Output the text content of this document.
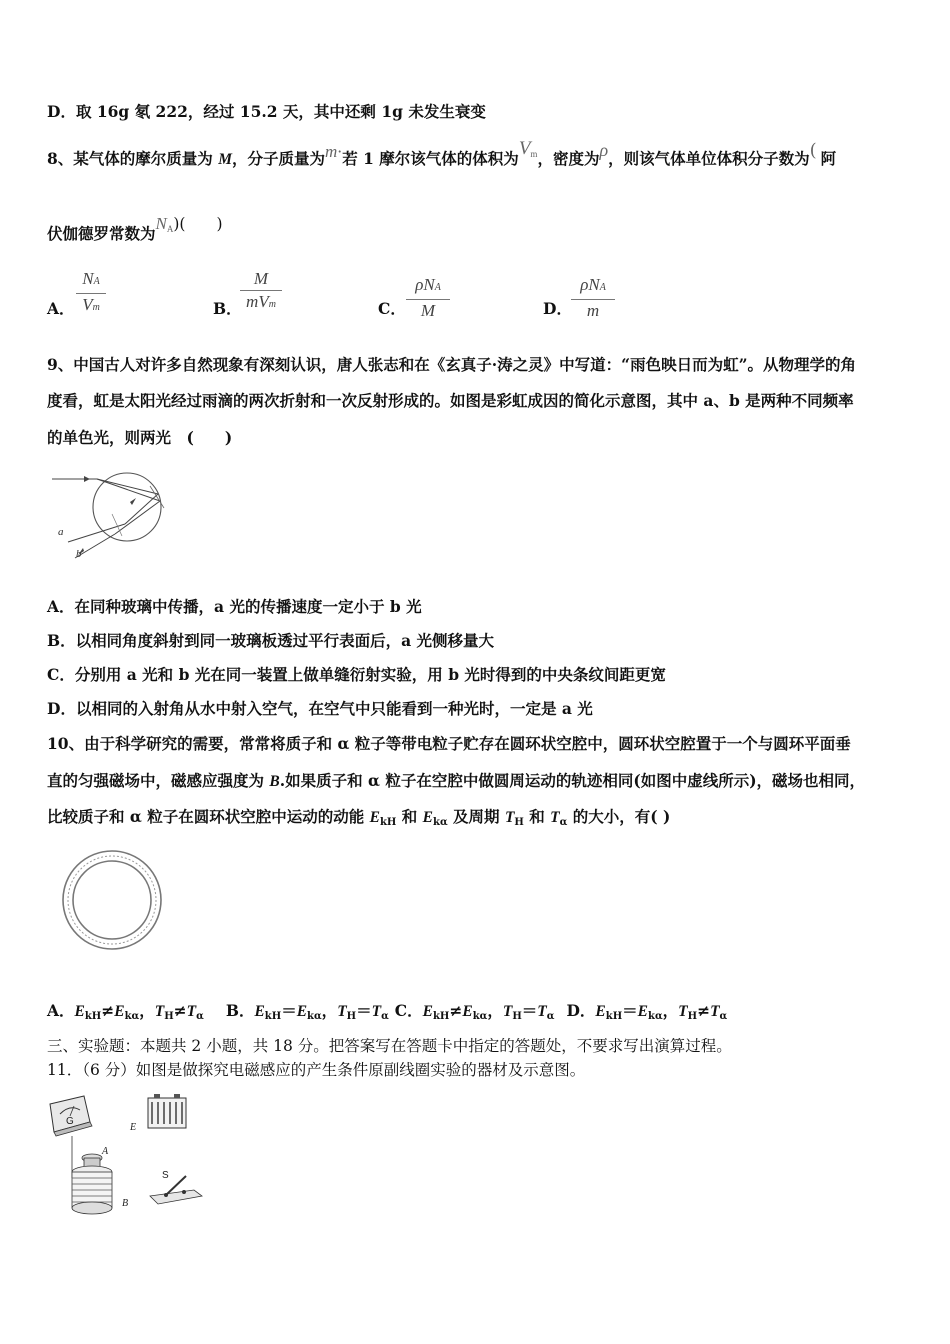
D．取 16g 氡 222，经过 15.2 天，其中还剩 1g 未发生衰变
8、某气体的摩尔质量为 M，分子质量为m·若 1 摩尔该气体的体积为$V_m$，密度为ρ，则该气体单位体积分子数为( 阿
伏伽德罗常数为$N_A$)(　　)
A．
NA
Vm	B．
M
mVm	C．
ρNA
M	D．
ρNA
m
9、中国古人对许多自然现象有深刻认识，唐人张志和在《玄真子·涛之灵》中写道：“雨色映日而为虹”。从物理学的角
度看，虹是太阳光经过雨滴的两次折射和一次反射形成的。如图是彩虹成因的简化示意图，其中 a、b 是两种不同频率
的单色光，则两光　(　　)
a
b
A．在同种玻璃中传播，a 光的传播速度一定小于 b 光
B．以相同角度斜射到同一玻璃板透过平行表面后，a 光侧移量大
C．分别用 a 光和 b 光在同一装置上做单缝衍射实验，用 b 光时得到的中央条纹间距更宽
D．以相同的入射角从水中射入空气，在空气中只能看到一种光时，一定是 a 光
10、由于科学研究的需要，常常将质子和 α 粒子等带电粒子贮存在圆环状空腔中，圆环状空腔置于一个与圆环平面垂
直的匀强磁场中，磁感应强度为 B.如果质子和 α 粒子在空腔中做圆周运动的轨迹相同(如图中虚线所示)，磁场也相同，
比较质子和 α 粒子在圆环状空腔中运动的动能 $E_{kH}$ 和 $E_{k\alpha}$ 及周期 $T_H$ 和 $T_\alpha$ 的大小，有( )
A．$E_{kH}\ne E_{k\alpha}$，$T_H\ne T_\alpha$ B．$E_{kH}=E_{k\alpha}$，$T_H=T_\alpha$ C．$E_{kH}\ne E_{k\alpha}$，$T_H=T_\alpha$ D．$E_{kH}=E_{k\alpha}$，$T_H\ne T_\alpha$
三、实验题：本题共 2 小题，共 18 分。把答案写在答题卡中指定的答题处，不要求写出演算过程。
11．（6 分）如图是做探究电磁感应的产生条件原副线圈实验的器材及示意图。
G
E
A
B
S
